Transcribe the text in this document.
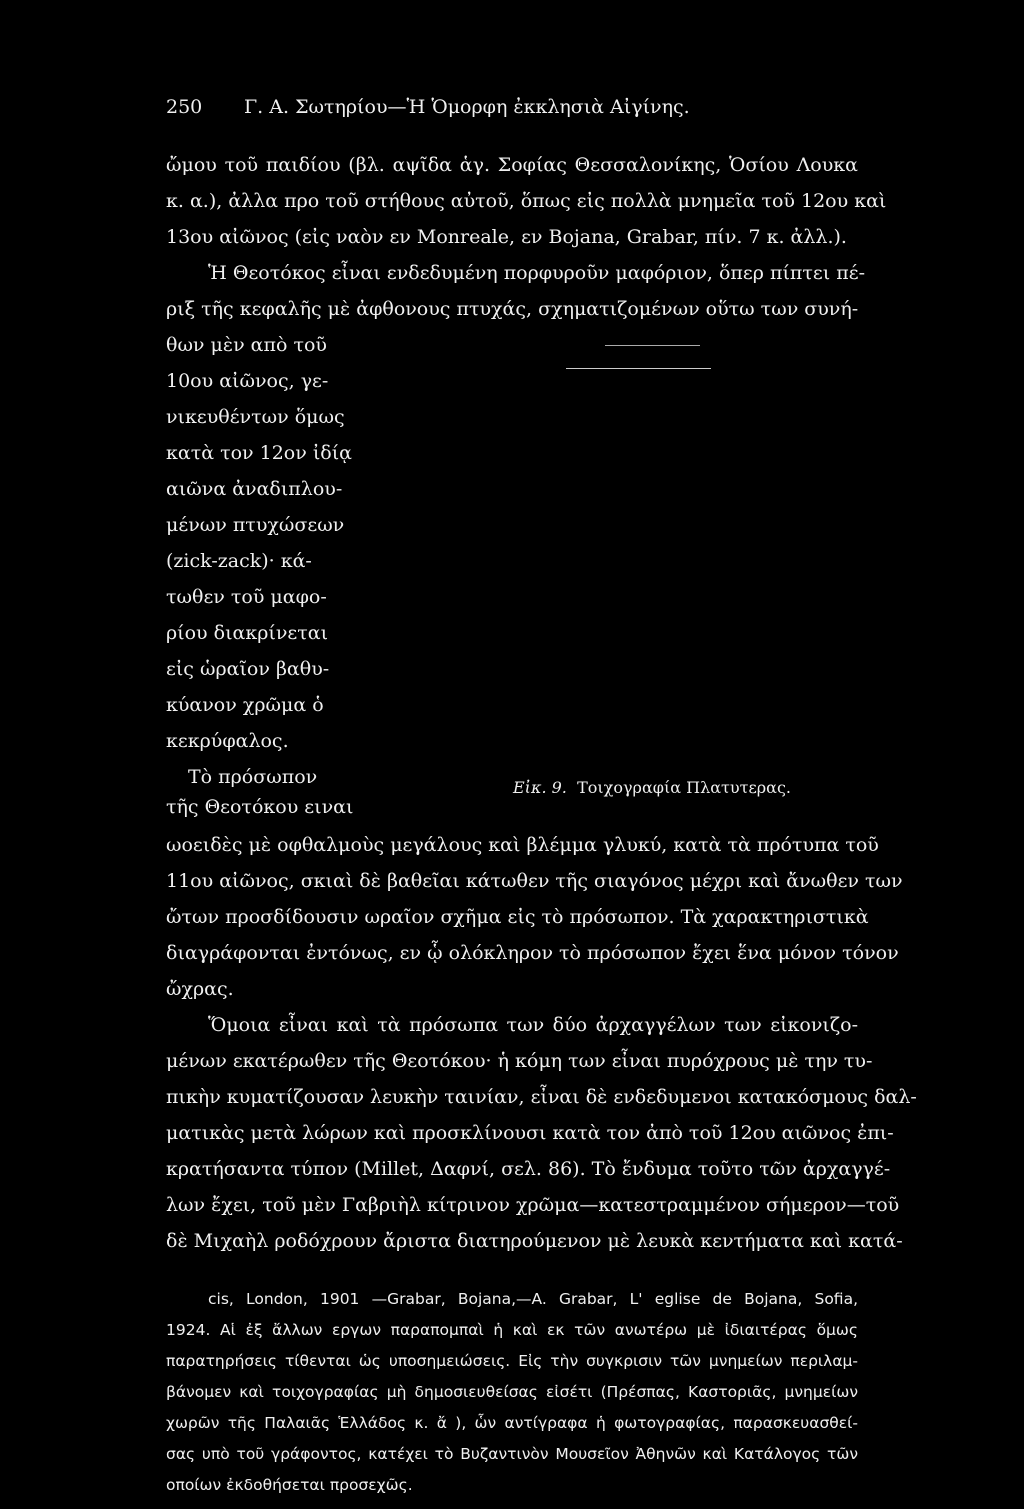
250 Γ. Α. Σωτηρίου—Ἡ Ὁμορφη ἐκκλησιὰ Αἰγίνης.
ὤμου τοῦ παιδίου (βλ. αψῖδα ἁγ. Σοφίας Θεσσαλονίκης, Ὁσίου Λουκα
κ. α.), ἀλλα προ τοῦ στήθους αὐτοῦ, ὅπως εἰς πολλὰ μνημεῖα τοῦ 12ου καὶ
13ου αἰῶνος (εἰς ναὸν εν Monreale, εν Bojana, Grabar, πίν. 7 κ. ἀλλ.).
Ἡ Θεοτόκος εἶναι ενδεδυμένη πορφυροῦν μαφόριον, ὅπερ πίπτει πέ-
ριξ τῆς κεφαλῆς μὲ ἀφθονους πτυχάς, σχηματιζομένων οὕτω των συνή-
θων μὲν απὸ τοῦ
10ου αἰῶνος, γε-
νικευθέντων ὅμως
κατὰ τον 12ον ἰδίᾳ
αιῶνα ἀναδιπλου-
μένων πτυχώσεων
(zick-zack)· κά-
τωθεν τοῦ μαφο-
ρίου διακρίνεται
εἰς ὡραῖον βαθυ-
κύανον χρῶμα ὁ
κεκρύφαλος.
Τὸ πρόσωπον
τῆς Θεοτόκου ειναι
Εἰκ. 9. Τοιχογραφία Πλατυτερας.
ωοειδὲς μὲ οφθαλμοὺς μεγάλους καὶ βλέμμα γλυκύ, κατὰ τὰ πρότυπα τοῦ
11ου αἰῶνος, σκιαὶ δὲ βαθεῖαι κάτωθεν τῆς σιαγόνος μέχρι καὶ ἄνωθεν των
ὤτων προσδίδουσιν ωραῖον σχῆμα εἰς τὸ πρόσωπον. Τὰ χαρακτηριστικὰ
διαγράφονται ἐντόνως, εν ᾧ ολόκληρον τὸ πρόσωπον ἔχει ἕνα μόνον τόνον
ὤχρας.
Ὅμοια εἶναι καὶ τὰ πρόσωπα των δύο ἀρχαγγέλων των εἰκονιζο-
μένων εκατέρωθεν τῆς Θεοτόκου· ἡ κόμη των εἶναι πυρόχρους μὲ την τυ-
πικὴν κυματίζουσαν λευκὴν ταινίαν, εἶναι δὲ ενδεδυμενοι κατακόσμους δαλ-
ματικὰς μετὰ λώρων καὶ προσκλίνουσι κατὰ τον ἀπὸ τοῦ 12ου αιῶνος ἐπι-
κρατήσαντα τύπον (Millet, Δαφνί, σελ. 86). Τὸ ἔνδυμα τοῦτο τῶν ἀρχαγγέ-
λων ἔχει, τοῦ μὲν Γαβριὴλ κίτρινον χρῶμα—κατεστραμμένον σήμερον—τοῦ
δὲ Μιχαὴλ ροδόχρουν ἄριστα διατηρούμενον μὲ λευκὰ κεντήματα καὶ κατά-
cis, London, 1901 —Grabar, Bojana,—A. Grabar, L' eglise de Bojana, Sofia,
1924. Αἱ ἐξ ἄλλων εργων παραπομπαὶ ἡ καὶ εκ τῶν ανωτέρω μὲ ἰδιαιτέρας ὅμως
παρατηρήσεις τίθενται ὡς υποσημειώσεις. Εἰς τὴν συγκρισιν τῶν μνημείων περιλαμ-
βάνομεν καὶ τοιχογραφίας μὴ δημοσιευθείσας εἰσέτι (Πρέσπας, Καστοριᾶς, μνημείων
χωρῶν τῆς Παλαιᾶς Ἑλλάδος κ. ἄ ), ὧν αντίγραφα ἡ φωτογραφίας, παρασκευασθεί-
σας υπὸ τοῦ γράφοντος, κατέχει τὸ Βυζαντινὸν Μουσεῖον Ἀθηνῶν καὶ Κατάλογος τῶν
οποίων ἐκδοθήσεται προσεχῶς.
